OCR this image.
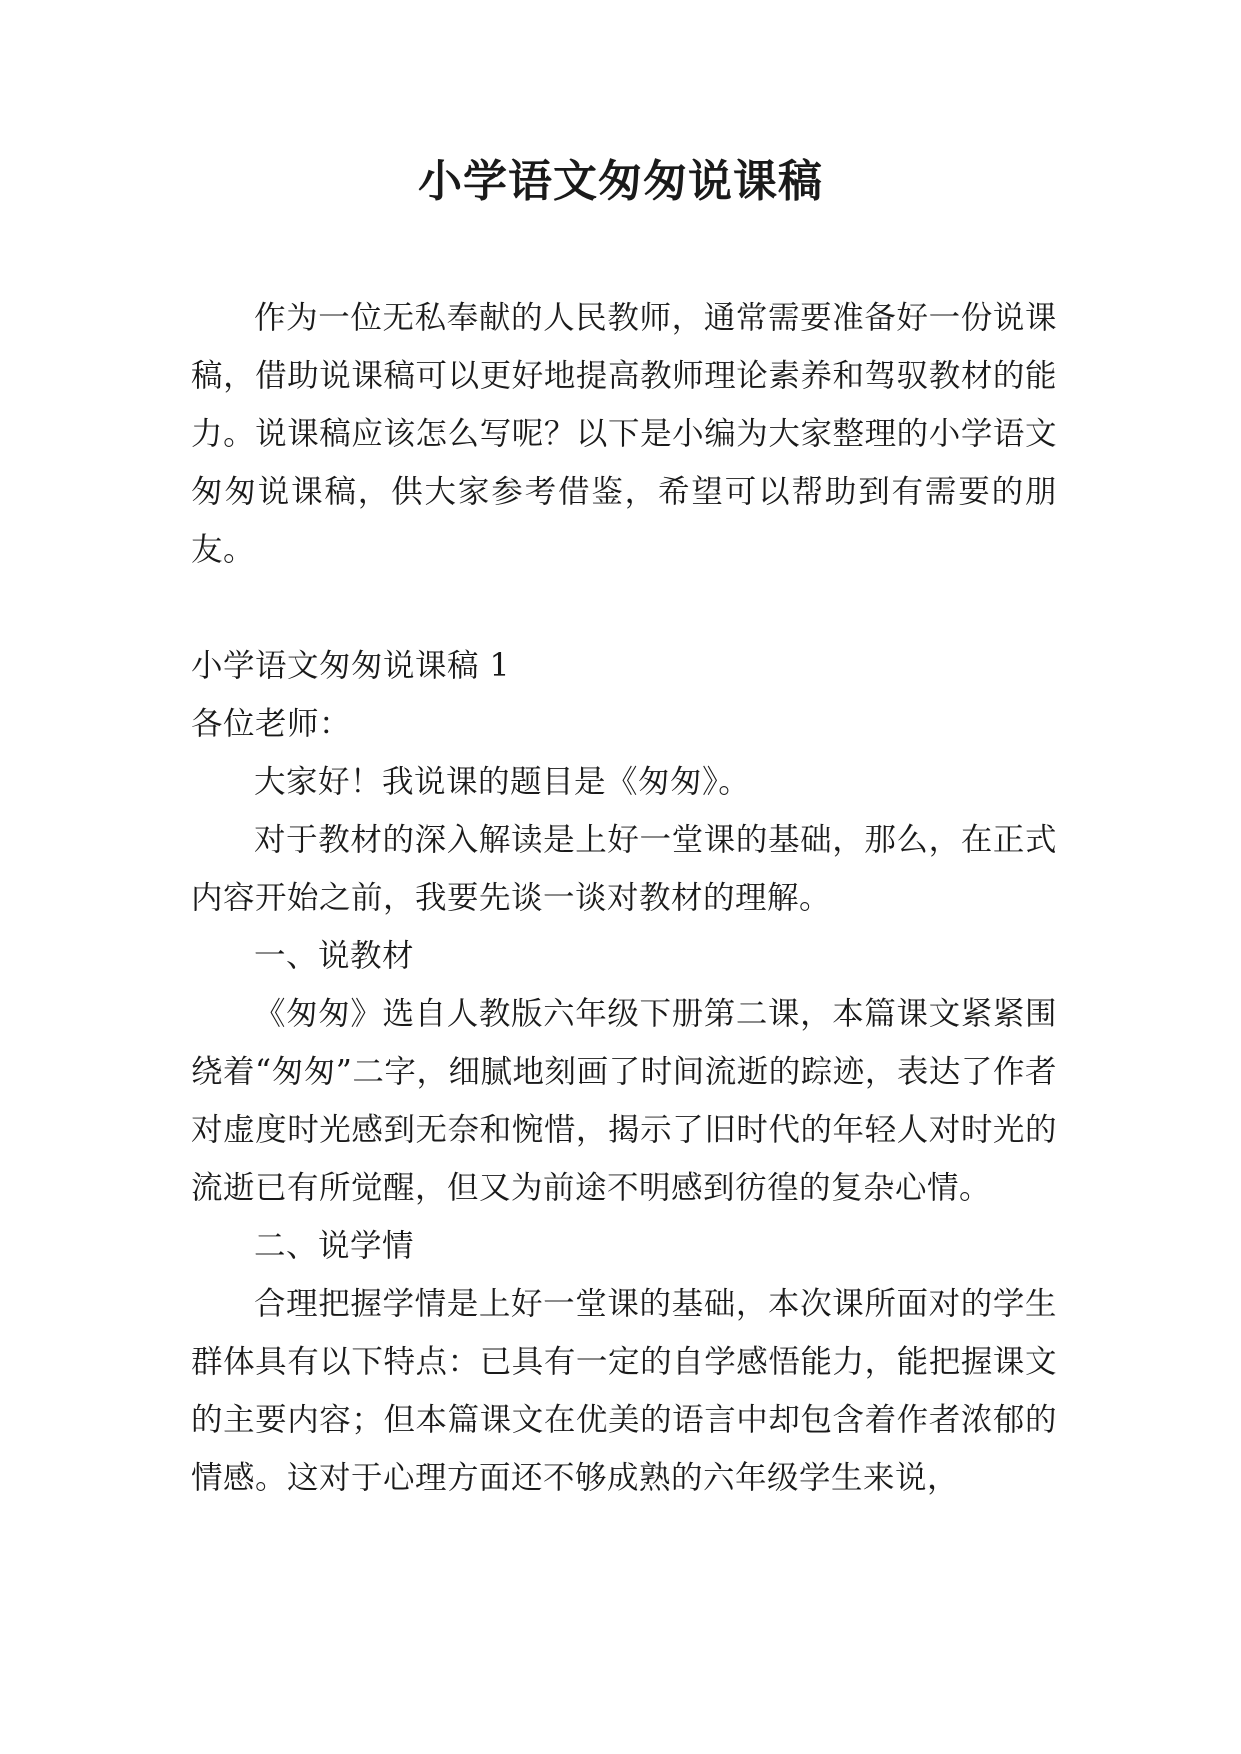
小学语文匆匆说课稿

作为一位无私奉献的人民教师，通常需要准备好一份说课稿，借助说课稿可以更好地提高教师理论素养和驾驭教材的能力。说课稿应该怎么写呢？以下是小编为大家整理的小学语文匆匆说课稿，供大家参考借鉴，希望可以帮助到有需要的朋友。

小学语文匆匆说课稿 1

各位老师：

大家好！我说课的题目是《匆匆》。

对于教材的深入解读是上好一堂课的基础，那么，在正式内容开始之前，我要先谈一谈对教材的理解。

一、说教材

《匆匆》选自人教版六年级下册第二课，本篇课文紧紧围绕着“匆匆”二字，细腻地刻画了时间流逝的踪迹，表达了作者对虚度时光感到无奈和惋惜，揭示了旧时代的年轻人对时光的流逝已有所觉醒，但又为前途不明感到彷徨的复杂心情。

二、说学情

合理把握学情是上好一堂课的基础，本次课所面对的学生群体具有以下特点：已具有一定的自学感悟能力，能把握课文的主要内容；但本篇课文在优美的语言中却包含着作者浓郁的情感。这对于心理方面还不够成熟的六年级学生来说，
